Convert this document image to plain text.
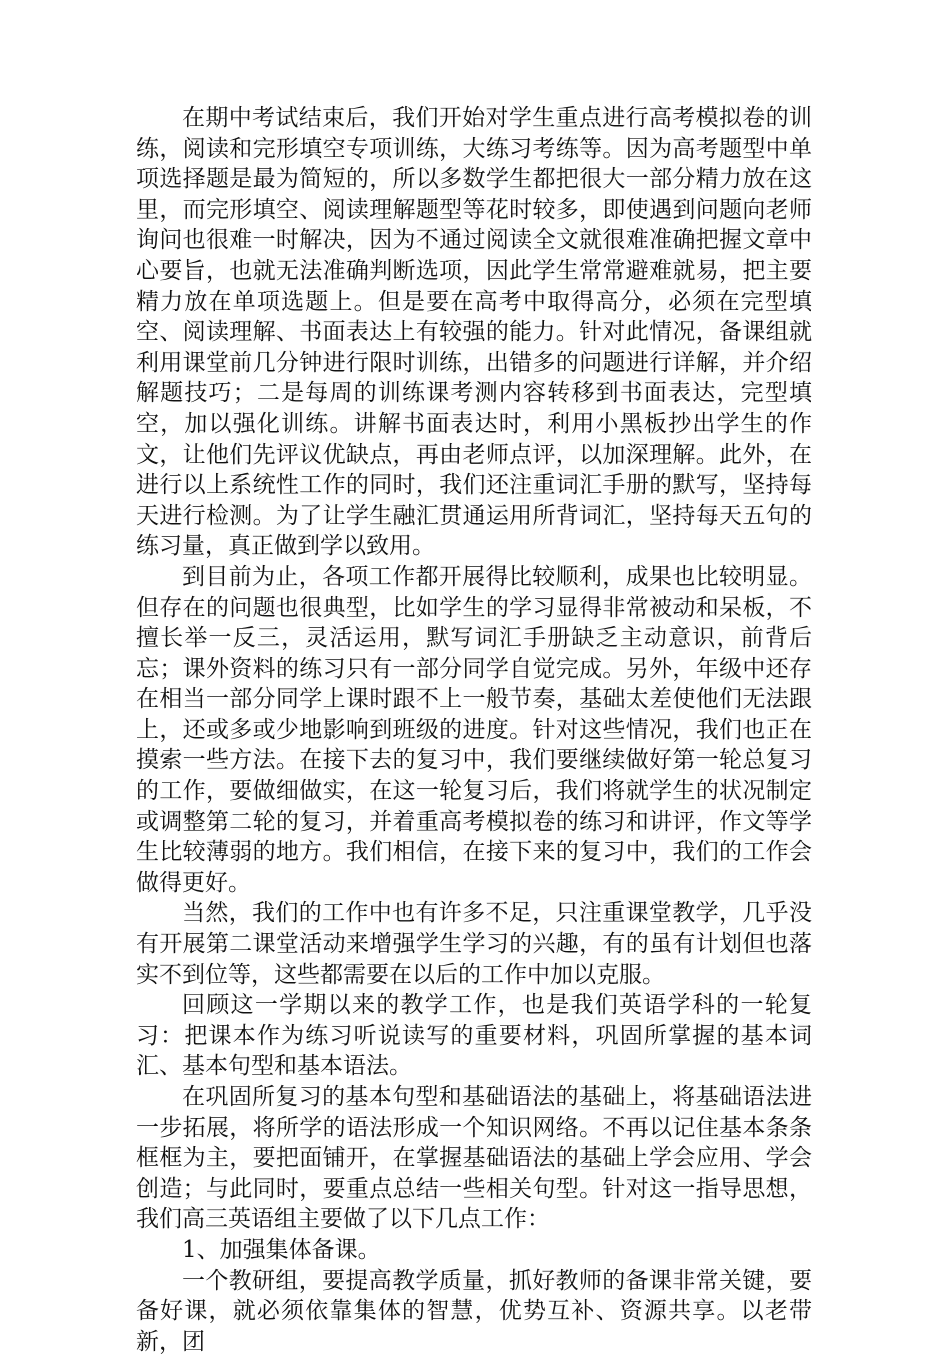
在期中考试结束后，我们开始对学生重点进行高考模拟卷的训练，阅读和完形填空专项训练，大练习考练等。因为高考题型中单项选择题是最为简短的，所以多数学生都把很大一部分精力放在这里，而完形填空、阅读理解题型等花时较多，即使遇到问题向老师询问也很难一时解决，因为不通过阅读全文就很难准确把握文章中心要旨，也就无法准确判断选项，因此学生常常避难就易，把主要精力放在单项选题上。但是要在高考中取得高分，必须在完型填空、阅读理解、书面表达上有较强的能力。针对此情况，备课组就利用课堂前几分钟进行限时训练，出错多的问题进行详解，并介绍解题技巧；二是每周的训练课考测内容转移到书面表达，完型填空，加以强化训练。讲解书面表达时，利用小黑板抄出学生的作文，让他们先评议优缺点，再由老师点评，以加深理解。此外，在进行以上系统性工作的同时，我们还注重词汇手册的默写，坚持每天进行检测。为了让学生融汇贯通运用所背词汇，坚持每天五句的练习量，真正做到学以致用。

到目前为止，各项工作都开展得比较顺利，成果也比较明显。但存在的问题也很典型，比如学生的学习显得非常被动和呆板，不擅长举一反三，灵活运用，默写词汇手册缺乏主动意识，前背后忘；课外资料的练习只有一部分同学自觉完成。另外，年级中还存在相当一部分同学上课时跟不上一般节奏，基础太差使他们无法跟上，还或多或少地影响到班级的进度。针对这些情况，我们也正在摸索一些方法。在接下去的复习中，我们要继续做好第一轮总复习的工作，要做细做实，在这一轮复习后，我们将就学生的状况制定或调整第二轮的复习，并着重高考模拟卷的练习和讲评，作文等学生比较薄弱的地方。我们相信，在接下来的复习中，我们的工作会做得更好。

当然，我们的工作中也有许多不足，只注重课堂教学，几乎没有开展第二课堂活动来增强学生学习的兴趣，有的虽有计划但也落实不到位等，这些都需要在以后的工作中加以克服。

回顾这一学期以来的教学工作，也是我们英语学科的一轮复习：把课本作为练习听说读写的重要材料，巩固所掌握的基本词汇、基本句型和基本语法。

在巩固所复习的基本句型和基础语法的基础上，将基础语法进一步拓展，将所学的语法形成一个知识网络。不再以记住基本条条框框为主，要把面铺开，在掌握基础语法的基础上学会应用、学会创造；与此同时，要重点总结一些相关句型。针对这一指导思想，我们高三英语组主要做了以下几点工作：

1、加强集体备课。

一个教研组，要提高教学质量，抓好教师的备课非常关键，要备好课，就必须依靠集体的智慧，优势互补、资源共享。以老带新，团
